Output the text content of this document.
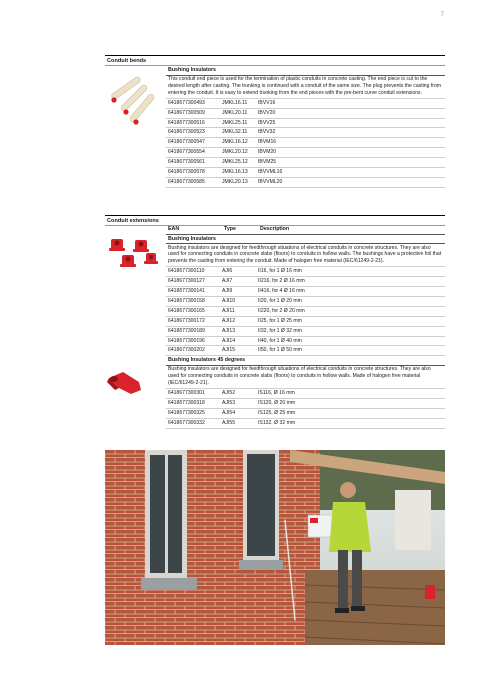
7
Conduit bends
Bushing Insulators
This conduit end piece is used for the termination of plastic conduits in concrete casting. The end piece is cut to the desired length after casting. The trunking is continued with a conduit of the same size. The plug prevents the casting from entering the conduit. It is easy to extend trunking from the end pieces with the pre-bent curve conduit extensions.
6418677300493	JMKL16.11	IBVV16
6418677300509	JMKL20.11	IBVV20
6418677300516	JMKL25.11	IBVV25
6418677300523	JMKL32.11	IBVV32
6418677300547	JMKL16.12	IBVM16
6418677300554	JMKL20.12	IBVM20
6418677300561	JMKL25.12	IBVM25
6418677300578	JMKL16.13	IBVVML16
6418677300585	JMKL20.13	IBVVML20
Conduit extensions
EAN	Type	Description
Bushing Insulators
Bushing insulators are designed for feedthrough situations of electrical conduits in concrete structures. They are also used for connecting conduits in concrete slabs (floors) to conduits in hollow walls. The bushings have a protective foil that prevents the casting from entering the conduit. Made of halogen free material (IEC/61249-2-21).
6418677300110	AJI6	II16, for 1 Ø 16 mm
6418677300127	AJI7	II216, for 2 Ø 16 mm
6418677300141	AJI9	II416, for 4 Ø 16 mm
6418677300158	AJI10	II20, for 1 Ø 20 mm
6418677300165	AJI11	II220, for 2 Ø 20 mm
6418677300172	AJI12	II25, for 1 Ø 25 mm
6418677300189	AJI13	II32, for 1 Ø 32 mm
6418677300196	AJI14	II40, for 1 Ø 40 mm
6418677300202	AJI15	II50, for 1 Ø 50 mm
Bushing Insulators 45 degrees
Bushing insulators are designed for feedthrough situations of electrical conduits in concrete structures. They are also used for connecting conduits in concrete slabs (floors) to conduits in hollow walls. Made of halogen free material (IEC/61249-2-21).
6418677300301	AJI52	IS116, Ø 16 mm
6418677300318	AJI53	IS120, Ø 20 mm
6418677300325	AJI54	IS125, Ø 25 mm
6418677300332	AJI55	IS132, Ø 32 mm
